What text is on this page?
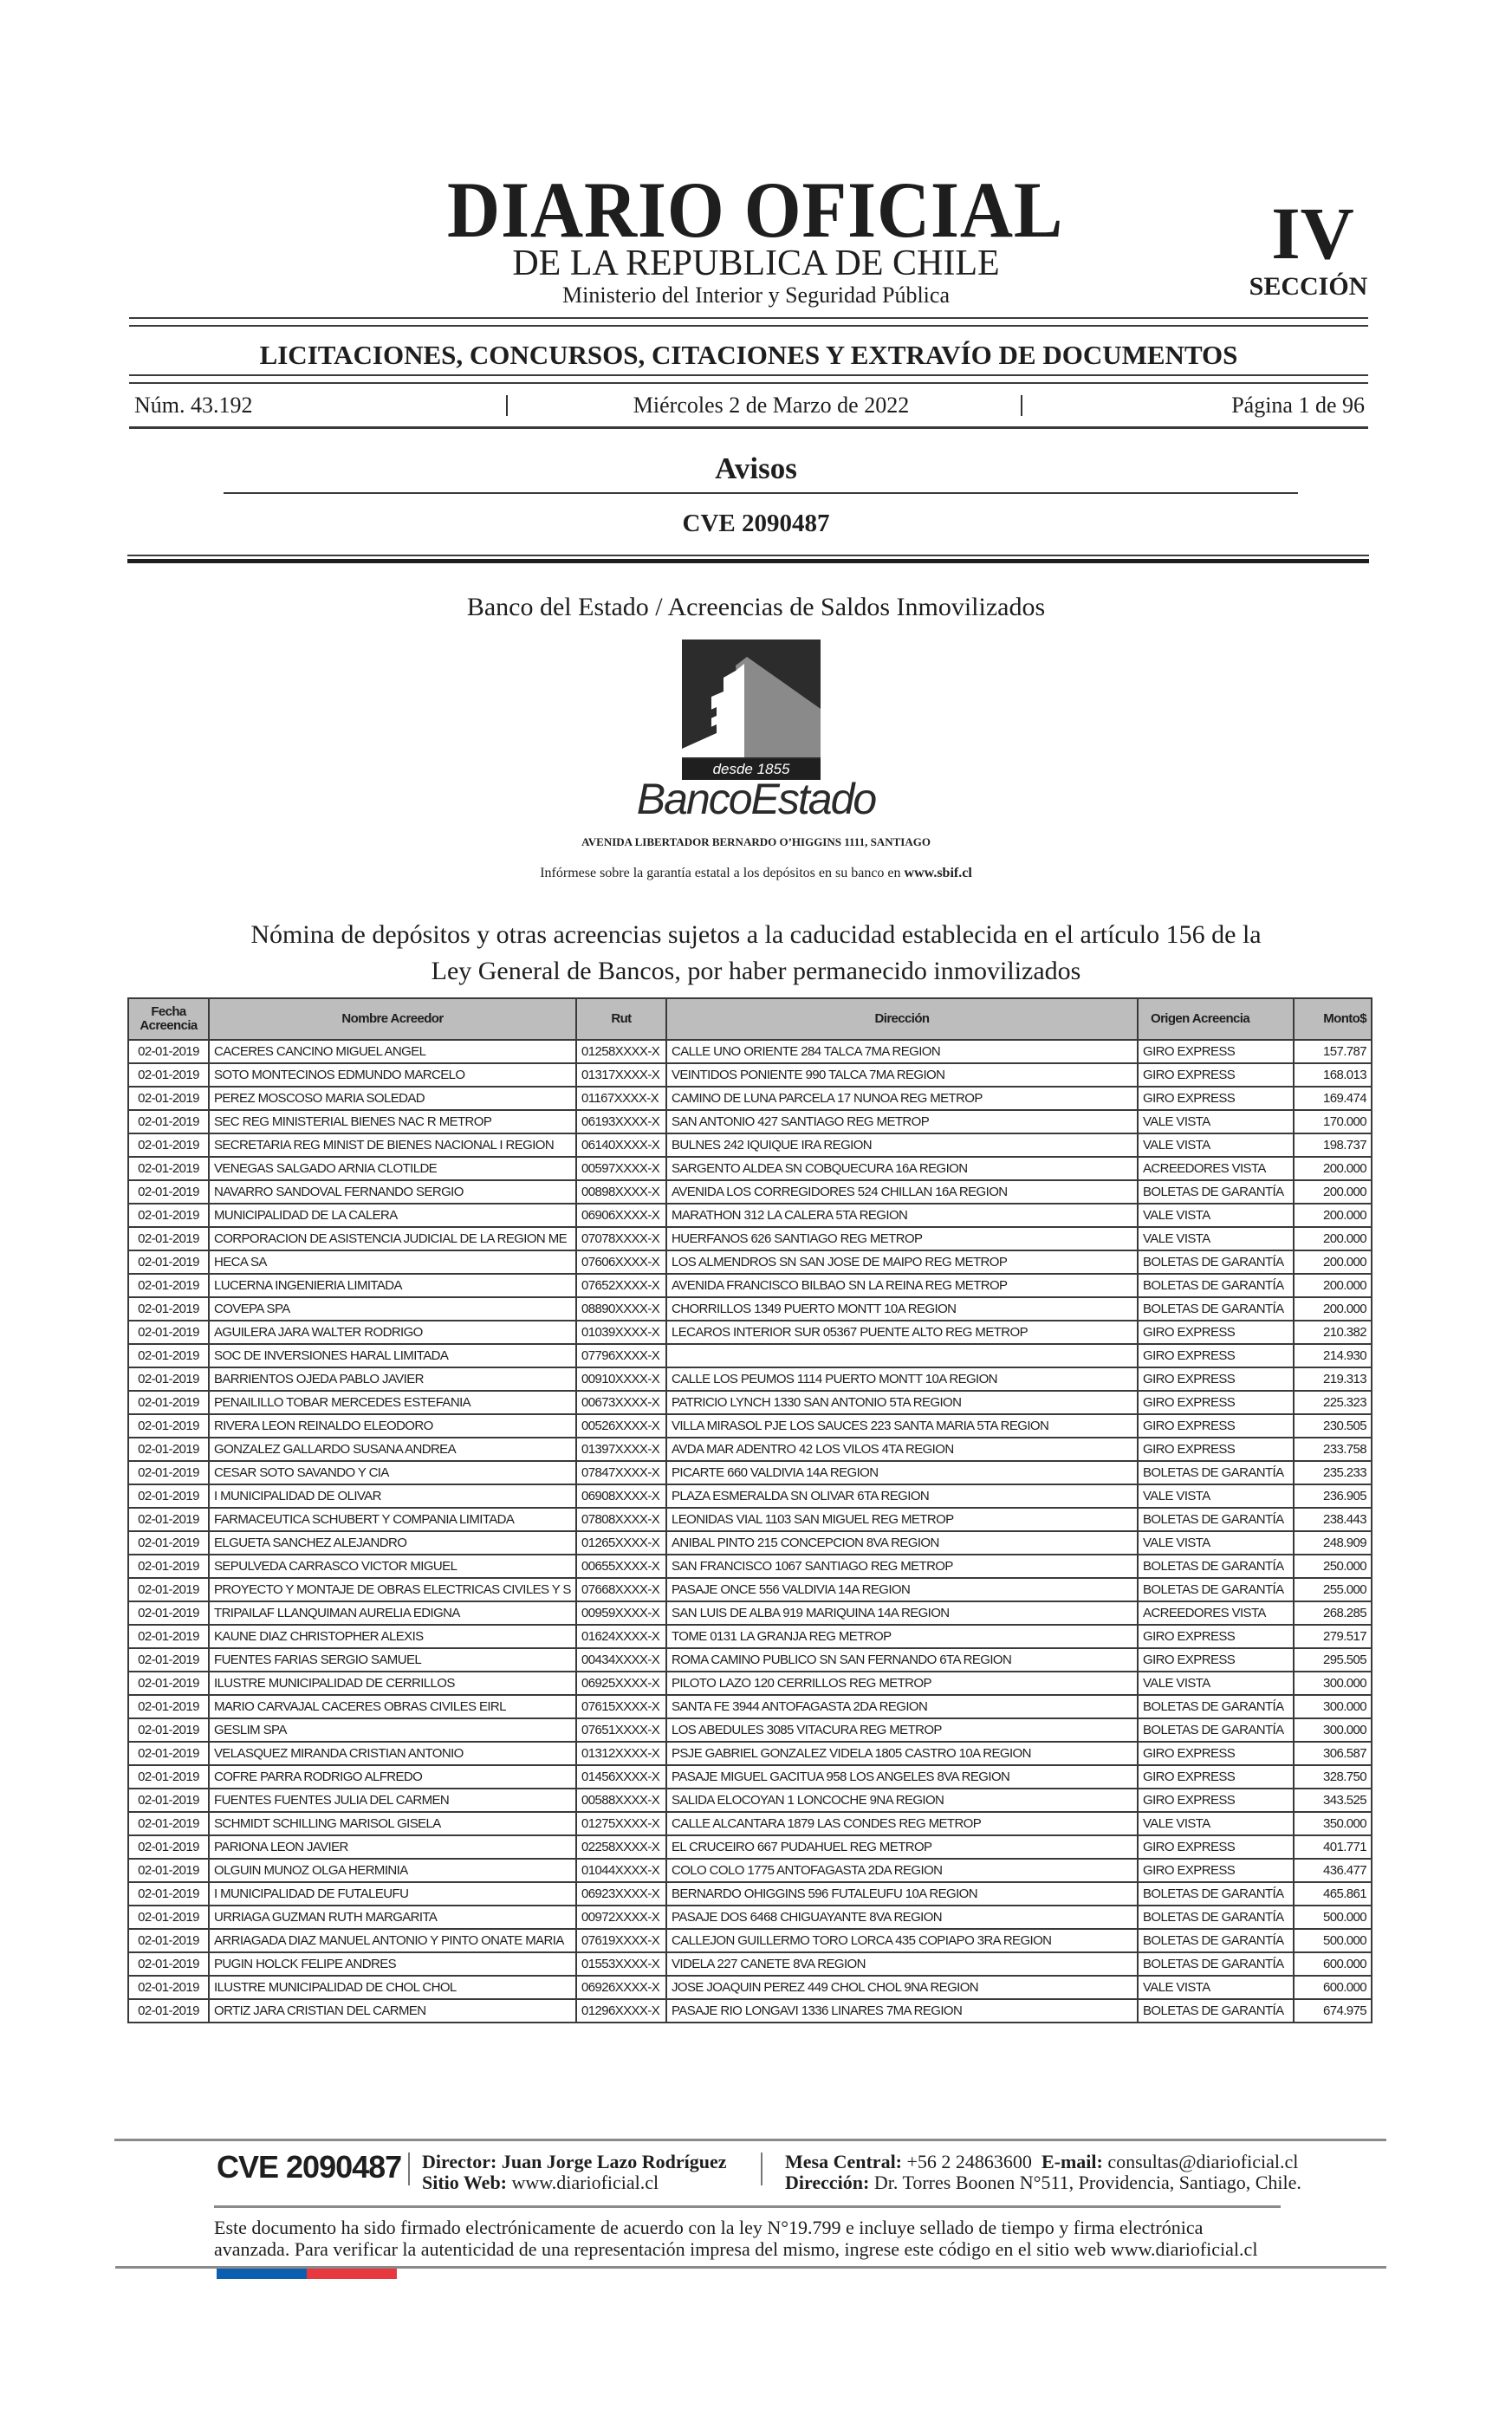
DIARIO OFICIAL
DE LA REPUBLICA DE CHILE
Ministerio del Interior y Seguridad Pública
IV
SECCIÓN
LICITACIONES, CONCURSOS, CITACIONES Y EXTRAVÍO DE DOCUMENTOS
Núm. 43.192	Miércoles 2 de Marzo de 2022	Página 1 de 96
Avisos
CVE 2090487
Banco del Estado / Acreencias de Saldos Inmovilizados
desde 1855
BancoEstado
AVENIDA LIBERTADOR BERNARDO O’HIGGINS 1111, SANTIAGO
Infórmese sobre la garantía estatal a los depósitos en su banco en www.sbif.cl
Nómina de depósitos y otras acreencias sujetos a la caducidad establecida en el artículo 156 de la
Ley General de Bancos, por haber permanecido inmovilizados
Fecha
Acreencia	Nombre Acreedor	Rut	Dirección	Origen Acreencia	Monto$
02-01-2019	CACERES CANCINO MIGUEL ANGEL	01258XXXX-X	CALLE UNO ORIENTE 284 TALCA 7MA REGION	GIRO EXPRESS	157.787
02-01-2019	SOTO MONTECINOS EDMUNDO MARCELO	01317XXXX-X	VEINTIDOS PONIENTE 990 TALCA 7MA REGION	GIRO EXPRESS	168.013
02-01-2019	PEREZ MOSCOSO MARIA SOLEDAD	01167XXXX-X	CAMINO DE LUNA PARCELA 17 NUNOA REG METROP	GIRO EXPRESS	169.474
02-01-2019	SEC REG MINISTERIAL BIENES NAC R METROP	06193XXXX-X	SAN ANTONIO 427 SANTIAGO REG METROP	VALE VISTA	170.000
02-01-2019	SECRETARIA REG MINIST DE BIENES NACIONAL I REGION	06140XXXX-X	BULNES 242 IQUIQUE IRA REGION	VALE VISTA	198.737
02-01-2019	VENEGAS SALGADO ARNIA CLOTILDE	00597XXXX-X	SARGENTO ALDEA SN COBQUECURA 16A REGION	ACREEDORES VISTA	200.000
02-01-2019	NAVARRO SANDOVAL FERNANDO SERGIO	00898XXXX-X	AVENIDA LOS CORREGIDORES 524 CHILLAN 16A REGION	BOLETAS DE GARANTÍA	200.000
02-01-2019	MUNICIPALIDAD DE LA CALERA	06906XXXX-X	MARATHON 312 LA CALERA 5TA REGION	VALE VISTA	200.000
02-01-2019	CORPORACION DE ASISTENCIA JUDICIAL DE LA REGION ME	07078XXXX-X	HUERFANOS 626 SANTIAGO REG METROP	VALE VISTA	200.000
02-01-2019	HECA SA	07606XXXX-X	LOS ALMENDROS SN SAN JOSE DE MAIPO REG METROP	BOLETAS DE GARANTÍA	200.000
02-01-2019	LUCERNA INGENIERIA LIMITADA	07652XXXX-X	AVENIDA FRANCISCO BILBAO SN LA REINA REG METROP	BOLETAS DE GARANTÍA	200.000
02-01-2019	COVEPA SPA	08890XXXX-X	CHORRILLOS 1349 PUERTO MONTT 10A REGION	BOLETAS DE GARANTÍA	200.000
02-01-2019	AGUILERA JARA WALTER RODRIGO	01039XXXX-X	LECAROS INTERIOR SUR 05367 PUENTE ALTO REG METROP	GIRO EXPRESS	210.382
02-01-2019	SOC DE INVERSIONES HARAL LIMITADA	07796XXXX-X		GIRO EXPRESS	214.930
02-01-2019	BARRIENTOS OJEDA PABLO JAVIER	00910XXXX-X	CALLE LOS PEUMOS 1114 PUERTO MONTT 10A REGION	GIRO EXPRESS	219.313
02-01-2019	PENAILILLO TOBAR MERCEDES ESTEFANIA	00673XXXX-X	PATRICIO LYNCH 1330 SAN ANTONIO 5TA REGION	GIRO EXPRESS	225.323
02-01-2019	RIVERA LEON REINALDO ELEODORO	00526XXXX-X	VILLA MIRASOL PJE LOS SAUCES 223 SANTA MARIA 5TA REGION	GIRO EXPRESS	230.505
02-01-2019	GONZALEZ GALLARDO SUSANA ANDREA	01397XXXX-X	AVDA MAR ADENTRO 42 LOS VILOS 4TA REGION	GIRO EXPRESS	233.758
02-01-2019	CESAR SOTO SAVANDO Y CIA	07847XXXX-X	PICARTE 660 VALDIVIA 14A REGION	BOLETAS DE GARANTÍA	235.233
02-01-2019	I MUNICIPALIDAD DE OLIVAR	06908XXXX-X	PLAZA ESMERALDA SN OLIVAR 6TA REGION	VALE VISTA	236.905
02-01-2019	FARMACEUTICA SCHUBERT Y COMPANIA LIMITADA	07808XXXX-X	LEONIDAS VIAL 1103 SAN MIGUEL REG METROP	BOLETAS DE GARANTÍA	238.443
02-01-2019	ELGUETA SANCHEZ ALEJANDRO	01265XXXX-X	ANIBAL PINTO 215 CONCEPCION 8VA REGION	VALE VISTA	248.909
02-01-2019	SEPULVEDA CARRASCO VICTOR MIGUEL	00655XXXX-X	SAN FRANCISCO 1067 SANTIAGO REG METROP	BOLETAS DE GARANTÍA	250.000
02-01-2019	PROYECTO Y MONTAJE DE OBRAS ELECTRICAS CIVILES Y S	07668XXXX-X	PASAJE ONCE 556 VALDIVIA 14A REGION	BOLETAS DE GARANTÍA	255.000
02-01-2019	TRIPAILAF LLANQUIMAN AURELIA EDIGNA	00959XXXX-X	SAN LUIS DE ALBA 919 MARIQUINA 14A REGION	ACREEDORES VISTA	268.285
02-01-2019	KAUNE DIAZ CHRISTOPHER ALEXIS	01624XXXX-X	TOME 0131 LA GRANJA REG METROP	GIRO EXPRESS	279.517
02-01-2019	FUENTES FARIAS SERGIO SAMUEL	00434XXXX-X	ROMA CAMINO PUBLICO SN SAN FERNANDO 6TA REGION	GIRO EXPRESS	295.505
02-01-2019	ILUSTRE MUNICIPALIDAD DE CERRILLOS	06925XXXX-X	PILOTO LAZO 120 CERRILLOS REG METROP	VALE VISTA	300.000
02-01-2019	MARIO CARVAJAL CACERES OBRAS CIVILES EIRL	07615XXXX-X	SANTA FE 3944 ANTOFAGASTA 2DA REGION	BOLETAS DE GARANTÍA	300.000
02-01-2019	GESLIM SPA	07651XXXX-X	LOS ABEDULES 3085 VITACURA REG METROP	BOLETAS DE GARANTÍA	300.000
02-01-2019	VELASQUEZ MIRANDA CRISTIAN ANTONIO	01312XXXX-X	PSJE GABRIEL GONZALEZ VIDELA 1805 CASTRO 10A REGION	GIRO EXPRESS	306.587
02-01-2019	COFRE PARRA RODRIGO ALFREDO	01456XXXX-X	PASAJE MIGUEL GACITUA 958 LOS ANGELES 8VA REGION	GIRO EXPRESS	328.750
02-01-2019	FUENTES FUENTES JULIA DEL CARMEN	00588XXXX-X	SALIDA ELOCOYAN 1 LONCOCHE 9NA REGION	GIRO EXPRESS	343.525
02-01-2019	SCHMIDT SCHILLING MARISOL GISELA	01275XXXX-X	CALLE ALCANTARA 1879 LAS CONDES REG METROP	VALE VISTA	350.000
02-01-2019	PARIONA LEON JAVIER	02258XXXX-X	EL CRUCEIRO 667 PUDAHUEL REG METROP	GIRO EXPRESS	401.771
02-01-2019	OLGUIN MUNOZ OLGA HERMINIA	01044XXXX-X	COLO COLO 1775 ANTOFAGASTA 2DA REGION	GIRO EXPRESS	436.477
02-01-2019	I MUNICIPALIDAD DE FUTALEUFU	06923XXXX-X	BERNARDO OHIGGINS 596 FUTALEUFU 10A REGION	BOLETAS DE GARANTÍA	465.861
02-01-2019	URRIAGA GUZMAN RUTH MARGARITA	00972XXXX-X	PASAJE DOS 6468 CHIGUAYANTE 8VA REGION	BOLETAS DE GARANTÍA	500.000
02-01-2019	ARRIAGADA DIAZ MANUEL ANTONIO Y PINTO ONATE MARIA	07619XXXX-X	CALLEJON GUILLERMO TORO LORCA 435 COPIAPO 3RA REGION	BOLETAS DE GARANTÍA	500.000
02-01-2019	PUGIN HOLCK FELIPE ANDRES	01553XXXX-X	VIDELA 227 CANETE 8VA REGION	BOLETAS DE GARANTÍA	600.000
02-01-2019	ILUSTRE MUNICIPALIDAD DE CHOL CHOL	06926XXXX-X	JOSE JOAQUIN PEREZ 449 CHOL CHOL 9NA REGION	VALE VISTA	600.000
02-01-2019	ORTIZ JARA CRISTIAN DEL CARMEN	01296XXXX-X	PASAJE RIO LONGAVI 1336 LINARES 7MA REGION	BOLETAS DE GARANTÍA	674.975
CVE 2090487 Director: Juan Jorge Lazo Rodríguez
Sitio Web: www.diarioficial.cl
Mesa Central: +56 2 24863600 E-mail: consultas@diarioficial.cl
Dirección: Dr. Torres Boonen N°511, Providencia, Santiago, Chile.
Este documento ha sido firmado electrónicamente de acuerdo con la ley N°19.799 e incluye sellado de tiempo y firma electrónica
avanzada. Para verificar la autenticidad de una representación impresa del mismo, ingrese este código en el sitio web www.diarioficial.cl
